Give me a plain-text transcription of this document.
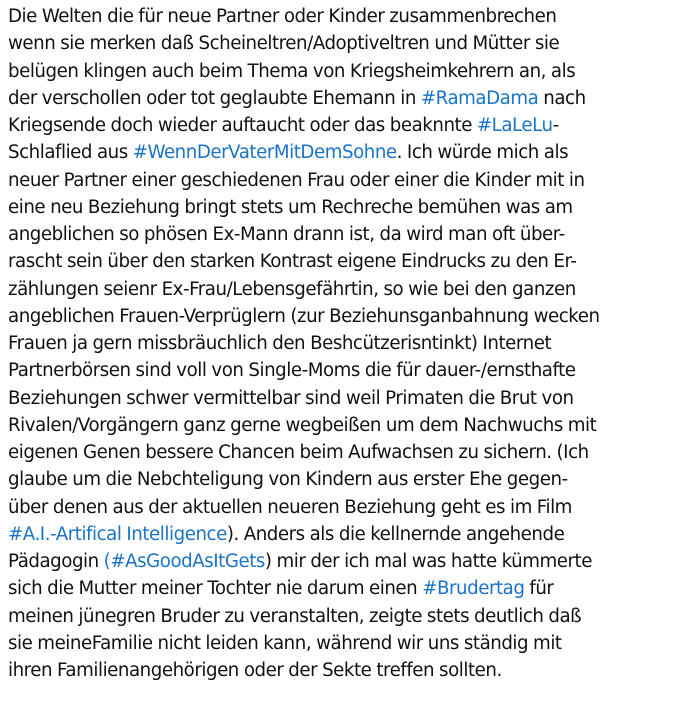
Die Welten die für neue Partner oder Kinder zusammenbrechen
wenn sie merken daß Scheineltren/Adoptiveltren und Mütter sie
belügen klingen auch beim Thema von Kriegsheimkehrern an, als
der verschollen oder tot geglaubte Ehemann in #RamaDama nach
Kriegsende doch wieder auftaucht oder das beaknnte #LaLeLu-
Schlaflied aus #WennDerVaterMitDemSohne. Ich würde mich als
neuer Partner einer geschiedenen Frau oder einer die Kinder mit in
eine neu Beziehung bringt stets um Rechreche bemühen was am
angeblichen so phösen Ex-Mann drann ist, da wird man oft über-
rascht sein über den starken Kontrast eigene Eindrucks zu den Er-
zählungen seienr Ex-Frau/Lebensgefährtin, so wie bei den ganzen
angeblichen Frauen-Verprüglern (zur Beziehunsganbahnung wecken
Frauen ja gern missbräuchlich den Beshcützerisntinkt) Internet
Partnerbörsen sind voll von Single-Moms die für dauer-/ernsthafte
Beziehungen schwer vermittelbar sind weil Primaten die Brut von
Rivalen/Vorgängern ganz gerne wegbeißen um dem Nachwuchs mit
eigenen Genen bessere Chancen beim Aufwachsen zu sichern. (Ich
glaube um die Nebchteligung von Kindern aus erster Ehe gegen-
über denen aus der aktuellen neueren Beziehung geht es im Film
#A.I.-Artifical Intelligence). Anders als die kellnernde angehende
Pädagogin (#AsGoodAsItGets) mir der ich mal was hatte kümmerte
sich die Mutter meiner Tochter nie darum einen #Brudertag für
meinen jünegren Bruder zu veranstalten, zeigte stets deutlich daß
sie meineFamilie nicht leiden kann, während wir uns ständig mit
ihren Familienangehörigen oder der Sekte treffen sollten.
